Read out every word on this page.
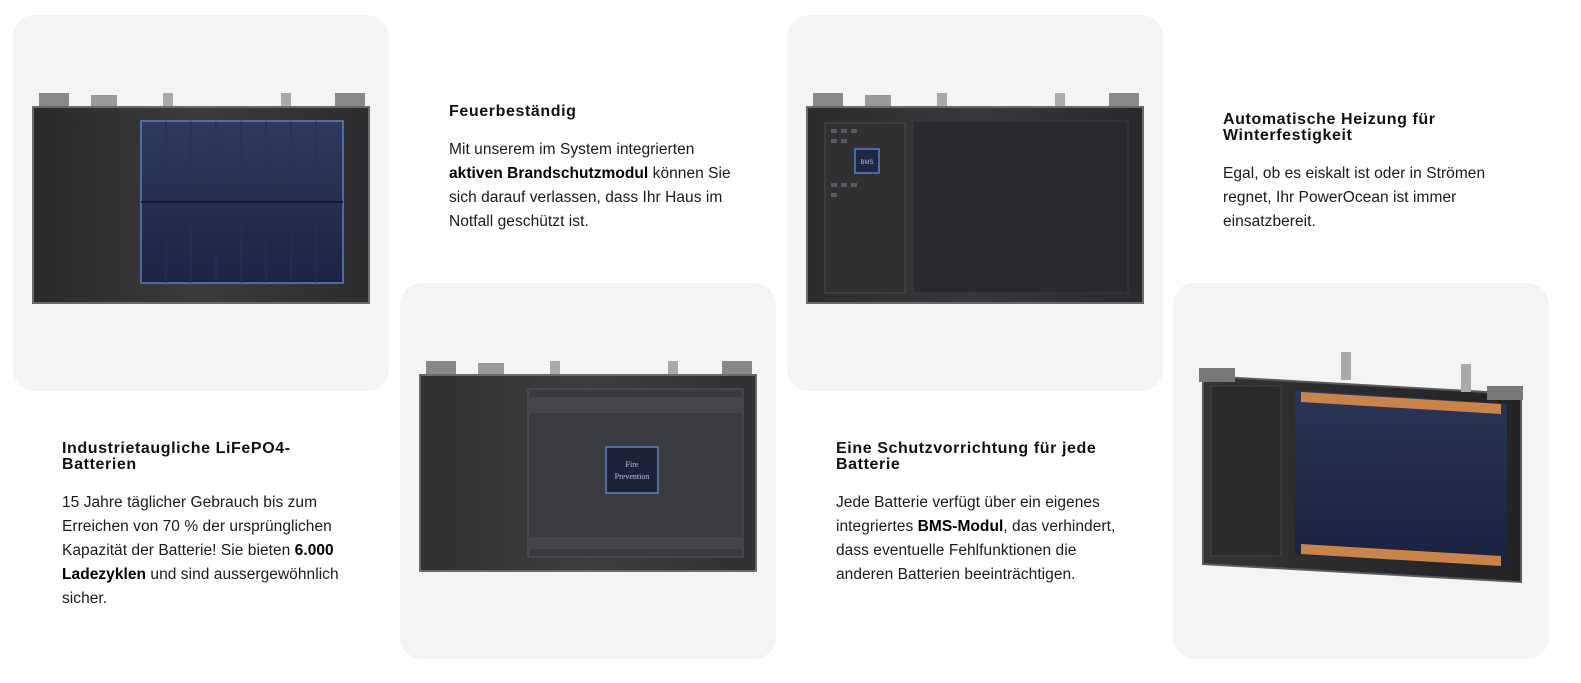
Feuerbeständig

Mit unserem im System integrierten aktiven Brandschutzmodul können Sie sich darauf verlassen, dass Ihr Haus im Notfall geschützt ist.

BMS
Automatische Heizung für Winterfestigkeit

Egal, ob es eiskalt ist oder in Strömen regnet, Ihr PowerOcean ist immer einsatzbereit.

Industrietaugliche LiFePO4-Batterien

15 Jahre täglicher Gebrauch bis zum Erreichen von 70 % der ursprünglichen Kapazität der Batterie! Sie bieten 6.000 Ladezyklen und sind aussergewöhnlich sicher.

Fire
Prevention
Eine Schutzvorrichtung für jede Batterie

Jede Batterie verfügt über ein eigenes integriertes BMS-Modul, das verhindert, dass eventuelle Fehlfunktionen die anderen Batterien beeinträchtigen.
